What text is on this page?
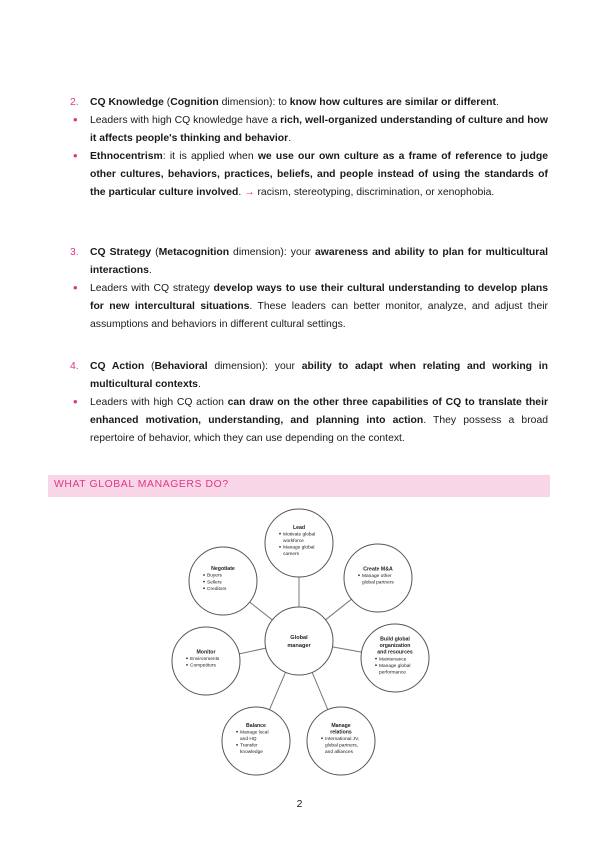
2. CQ Knowledge (Cognition dimension): to know how cultures are similar or different.
• Leaders with high CQ knowledge have a rich, well-organized understanding of culture and how it affects people's thinking and behavior.
• Ethnocentrism: it is applied when we use our own culture as a frame of reference to judge other cultures, behaviors, practices, beliefs, and people instead of using the standards of the particular culture involved. → racism, stereotyping, discrimination, or xenophobia.
3. CQ Strategy (Metacognition dimension): your awareness and ability to plan for multicultural interactions.
• Leaders with CQ strategy develop ways to use their cultural understanding to develop plans for new intercultural situations. These leaders can better monitor, analyze, and adjust their assumptions and behaviors in different cultural settings.
4. CQ Action (Behavioral dimension): your ability to adapt when relating and working in multicultural contexts.
• Leaders with high CQ action can draw on the other three capabilities of CQ to translate their enhanced motivation, understanding, and planning into action. They possess a broad repertoire of behavior, which they can use depending on the context.
WHAT GLOBAL MANAGERS DO?
Global
manager
Lead
Motivate global
workforce
Manage global
careers
Create M&A
Manage other
global partners
Build global
organization
and resources
Maintenance
Manage global
performance
Manage
relations
International JV,
global partners,
and alliances
Balance
Manage local
and HQ
Transfer
knowledge
Monitor
Environments
Competitors
Negotiate
Buyers
Sellers
Creditors
2
